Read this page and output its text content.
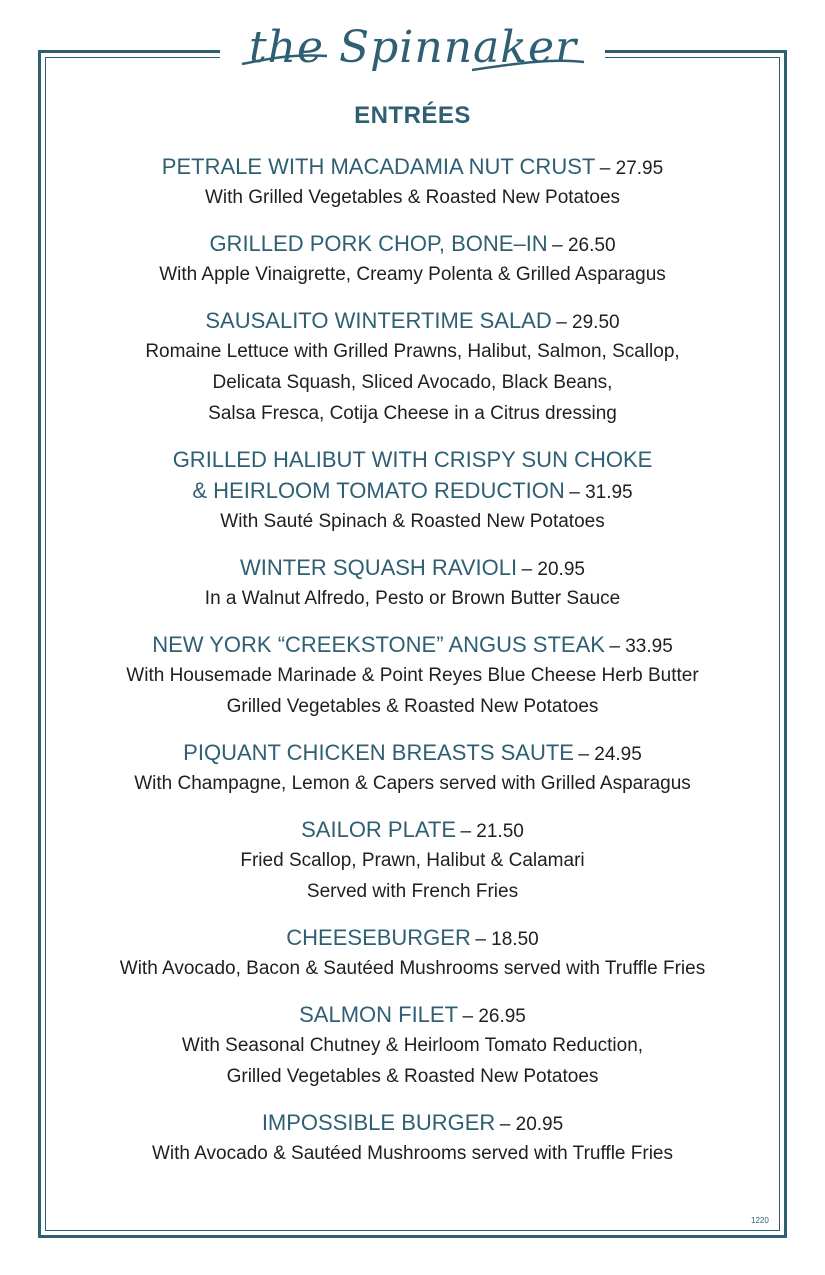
the Spinnaker
ENTRÉES
PETRALE WITH MACADAMIA NUT CRUST – 27.95
With Grilled Vegetables & Roasted New Potatoes
GRILLED PORK CHOP, BONE–IN – 26.50
With Apple Vinaigrette, Creamy Polenta & Grilled Asparagus
SAUSALITO WINTERTIME SALAD – 29.50
Romaine Lettuce with Grilled Prawns, Halibut, Salmon, Scallop,
Delicata Squash, Sliced Avocado, Black Beans,
Salsa Fresca, Cotija Cheese in a Citrus dressing
GRILLED HALIBUT WITH CRISPY SUN CHOKE
& HEIRLOOM TOMATO REDUCTION – 31.95
With Sauté Spinach & Roasted New Potatoes
WINTER SQUASH RAVIOLI – 20.95
In a Walnut Alfredo, Pesto or Brown Butter Sauce
NEW YORK “CREEKSTONE” ANGUS STEAK – 33.95
With Housemade Marinade & Point Reyes Blue Cheese Herb Butter
Grilled Vegetables & Roasted New Potatoes
PIQUANT CHICKEN BREASTS SAUTE – 24.95
With Champagne, Lemon & Capers served with Grilled Asparagus
SAILOR PLATE – 21.50
Fried Scallop, Prawn, Halibut & Calamari
Served with French Fries
CHEESEBURGER – 18.50
With Avocado, Bacon & Sautéed Mushrooms served with Truffle Fries
SALMON FILET – 26.95
With Seasonal Chutney & Heirloom Tomato Reduction,
Grilled Vegetables & Roasted New Potatoes
IMPOSSIBLE BURGER – 20.95
With Avocado & Sautéed Mushrooms served with Truffle Fries
1220
